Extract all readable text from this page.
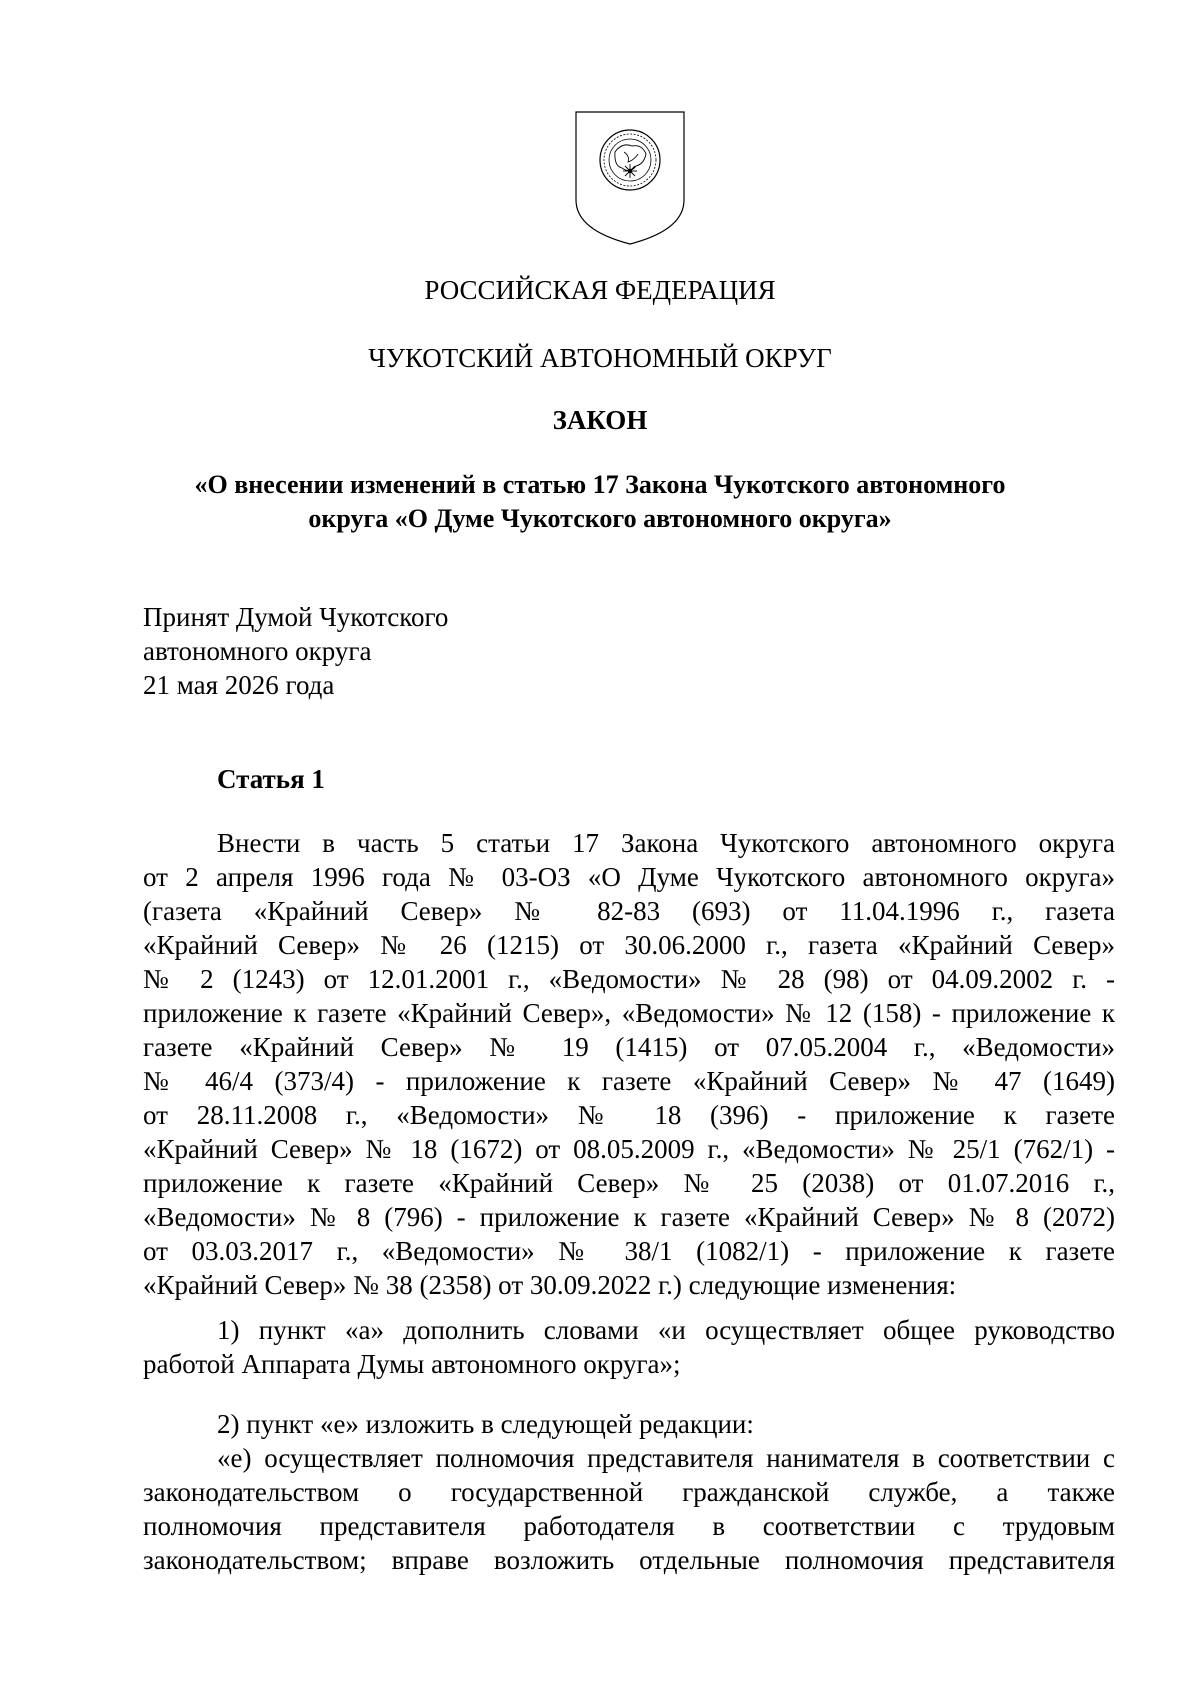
РОССИЙСКАЯ ФЕДЕРАЦИЯ
ЧУКОТСКИЙ АВТОНОМНЫЙ ОКРУГ
ЗАКОН
«О внесении изменений в статью 17 Закона Чукотского автономного
округа «О Думе Чукотского автономного округа»
Принят Думой Чукотского
автономного округа
21 мая 2026 года
Статья 1
Внести в часть 5 статьи 17 Закона Чукотского автономного округа
от 2 апреля 1996 года № 03-ОЗ «О Думе Чукотского автономного округа»
(газета «Крайний Север» № 82-83 (693) от 11.04.1996 г., газета
«Крайний Север» № 26 (1215) от 30.06.2000 г., газета «Крайний Север»
№ 2 (1243) от 12.01.2001 г., «Ведомости» № 28 (98) от 04.09.2002 г. -
приложение к газете «Крайний Север», «Ведомости» № 12 (158) - приложение к
газете «Крайний Север» № 19 (1415) от 07.05.2004 г., «Ведомости»
№ 46/4 (373/4) - приложение к газете «Крайний Север» № 47 (1649)
от 28.11.2008 г., «Ведомости» № 18 (396) - приложение к газете
«Крайний Север» № 18 (1672) от 08.05.2009 г., «Ведомости» № 25/1 (762/1) -
приложение к газете «Крайний Север» № 25 (2038) от 01.07.2016 г.,
«Ведомости» № 8 (796) - приложение к газете «Крайний Север» № 8 (2072)
от 03.03.2017 г., «Ведомости» № 38/1 (1082/1) - приложение к газете
«Крайний Север» № 38 (2358) от 30.09.2022 г.) следующие изменения:
1) пункт «а» дополнить словами «и осуществляет общее руководство
работой Аппарата Думы автономного округа»;
2) пункт «е» изложить в следующей редакции:
«е) осуществляет полномочия представителя нанимателя в соответствии с
законодательством о государственной гражданской службе, а также
полномочия представителя работодателя в соответствии с трудовым
законодательством; вправе возложить отдельные полномочия представителя
